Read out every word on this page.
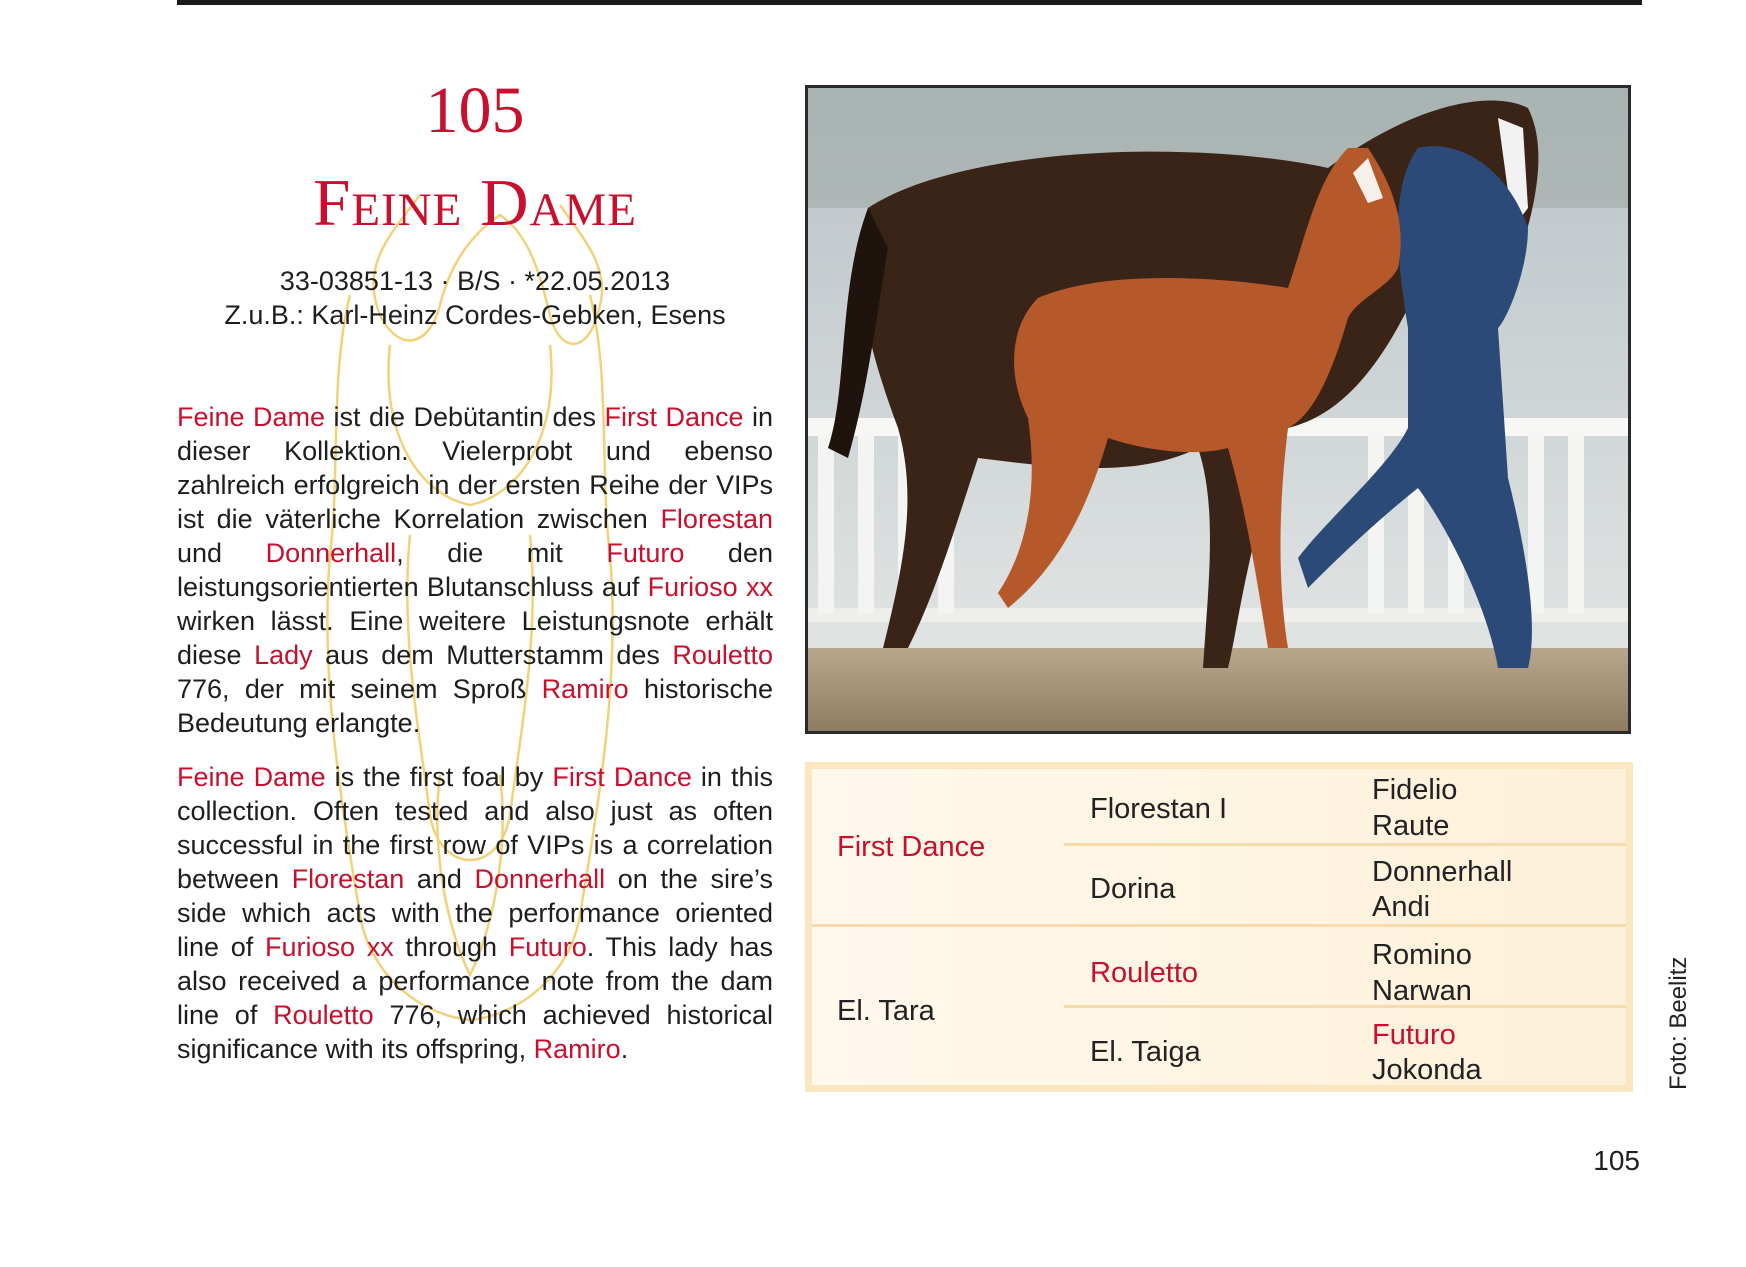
105
Feine Dame
33-03851-13 · B/S · *22.05.2013
Z.u.B.: Karl-Heinz Cordes-Gebken, Esens

Feine Dame ist die Debütantin des First Dance in dieser Kollektion. Vielerprobt und ebenso zahlreich erfolgreich in der ersten Reihe der VIPs ist die väterliche Korrelation zwischen Florestan und Donnerhall, die mit Futuro den leistungsorientierten Blutanschluss auf Furioso xx wirken lässt. Eine weitere Leistungsnote erhält diese Lady aus dem Mutterstamm des Rouletto 776, der mit seinem Sproß Ramiro historische Bedeutung erlangte.

Feine Dame is the first foal by First Dance in this collection. Often tested and also just as often successful in the first row of VIPs is a correlation between Florestan and Donnerhall on the sire’s side which acts with the performance oriented line of Furioso xx through Futuro. This lady has also received a performance note from the dam line of Rouletto 776, which achieved historical significance with its offspring, Ramiro.

First Dance
El. Tara
Florestan I
Dorina
Rouletto
El. Taiga
Fidelio
Raute
Donnerhall
Andi
Romino
Narwan
Futuro
Jokonda	Foto: Beelitz
105
